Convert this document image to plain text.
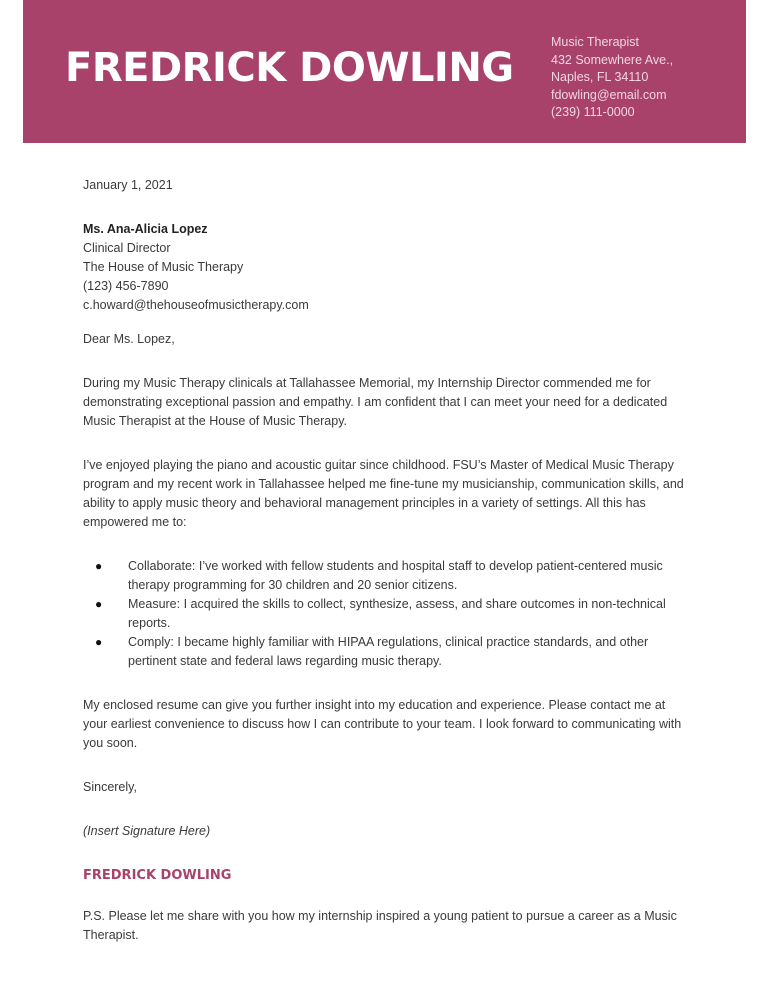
FREDRICK DOWLING
Music Therapist
432 Somewhere Ave.,
Naples, FL 34110
fdowling@email.com
(239) 111-0000

January 1, 2021

Ms. Ana-Alicia Lopez

Clinical Director

The House of Music Therapy

(123) 456-7890

c.howard@thehouseofmusictherapy.com

Dear Ms. Lopez,

During my Music Therapy clinicals at Tallahassee Memorial, my Internship Director commended me for demonstrating exceptional passion and empathy. I am confident that I can meet your need for a dedicated Music Therapist at the House of Music Therapy.

I’ve enjoyed playing the piano and acoustic guitar since childhood. FSU’s Master of Medical Music Therapy program and my recent work in Tallahassee helped me fine-tune my musicianship, communication skills, and ability to apply music theory and behavioral management principles in a variety of settings. All this has empowered me to:

● Collaborate: I’ve worked with fellow students and hospital staff to develop patient-centered music therapy programming for 30 children and 20 senior citizens.
● Measure: I acquired the skills to collect, synthesize, assess, and share outcomes in non-technical reports.
● Comply: I became highly familiar with HIPAA regulations, clinical practice standards, and other pertinent state and federal laws regarding music therapy.

My enclosed resume can give you further insight into my education and experience. Please contact me at your earliest convenience to discuss how I can contribute to your team. I look forward to communicating with you soon.

Sincerely,

(Insert Signature Here)

FREDRICK DOWLING

P.S. Please let me share with you how my internship inspired a young patient to pursue a career as a Music Therapist.
